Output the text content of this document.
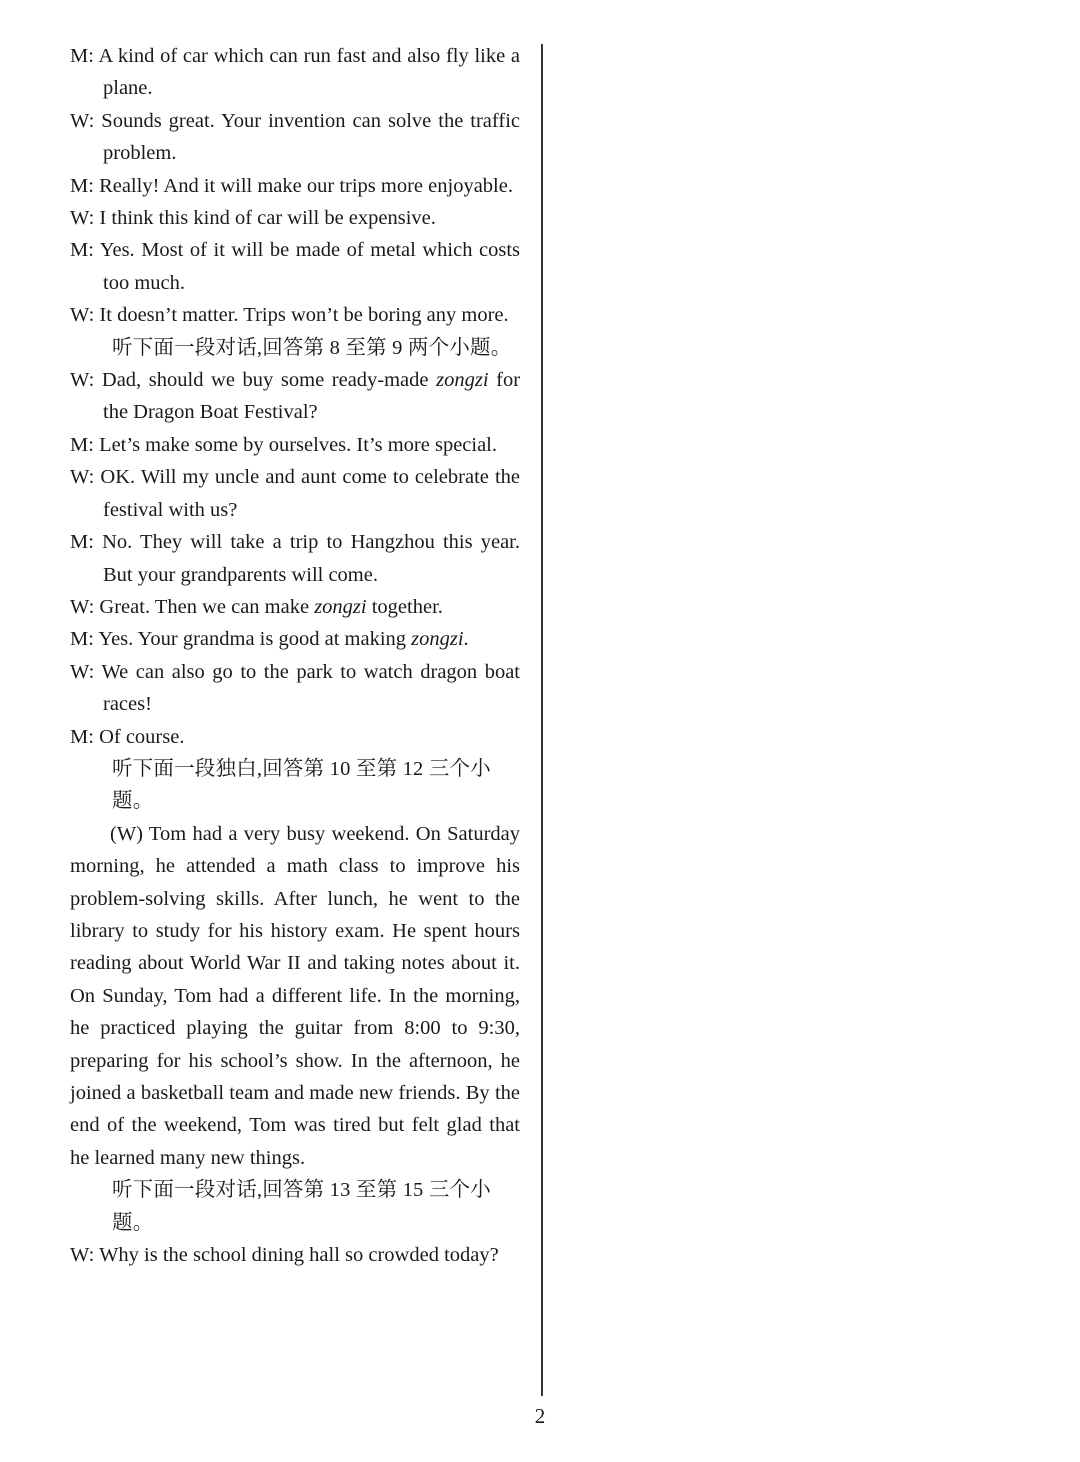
M: A kind of car which can run fast and also fly like a plane.
W: Sounds great. Your invention can solve the traffic problem.
M: Really! And it will make our trips more enjoyable.
W: I think this kind of car will be expensive.
M: Yes. Most of it will be made of metal which costs too much.
W: It doesn’t matter. Trips won’t be boring any more.
听下面一段对话,回答第 8 至第 9 两个小题。
W: Dad, should we buy some ready-made zongzi for the Dragon Boat Festival?
M: Let’s make some by ourselves. It’s more special.
W: OK. Will my uncle and aunt come to celebrate the festival with us?
M: No. They will take a trip to Hangzhou this year. But your grandparents will come.
W: Great. Then we can make zongzi together.
M: Yes. Your grandma is good at making zongzi.
W: We can also go to the park to watch dragon boat races!
M: Of course.
听下面一段独白,回答第 10 至第 12 三个小题。
(W) Tom had a very busy weekend. On Saturday morning, he attended a math class to improve his problem-solving skills. After lunch, he went to the library to study for his history exam. He spent hours reading about World War II and taking notes about it. On Sunday, Tom had a different life. In the morning, he practiced playing the guitar from 8:00 to 9:30, preparing for his school’s show. In the afternoon, he joined a basketball team and made new friends. By the end of the weekend, Tom was tired but felt glad that he learned many new things.
听下面一段对话,回答第 13 至第 15 三个小题。
W: Why is the school dining hall so crowded today?
2
